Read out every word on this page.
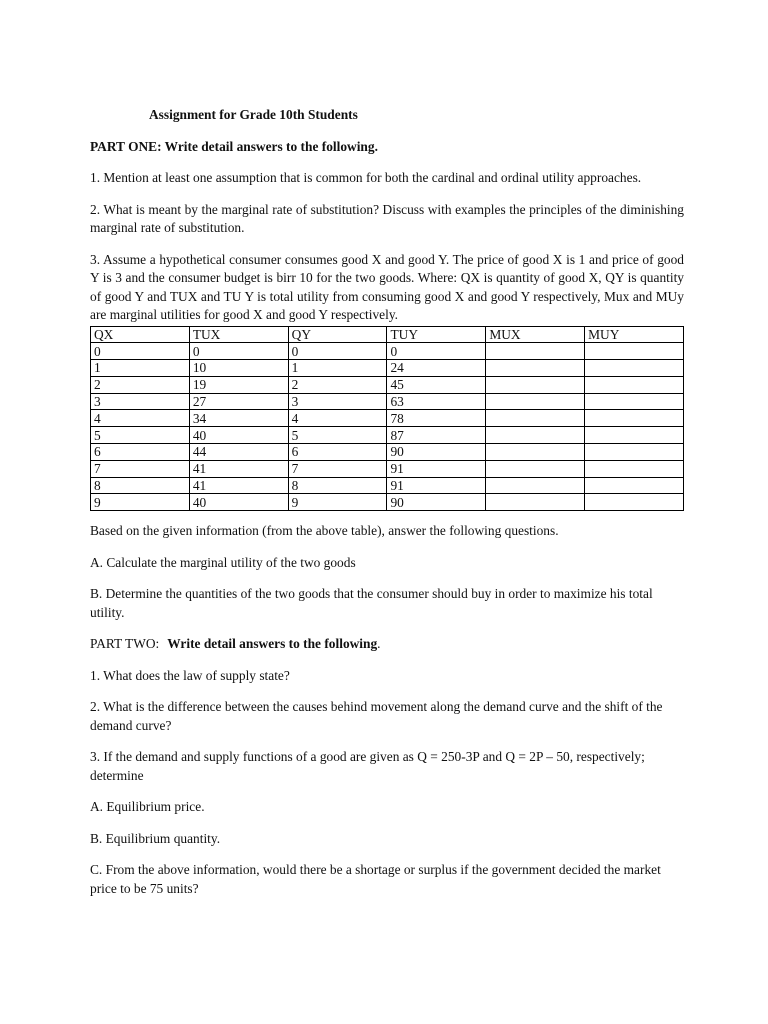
Assignment for Grade 10th Students

PART ONE: Write detail answers to the following.

1. Mention at least one assumption that is common for both the cardinal and ordinal utility approaches.

2. What is meant by the marginal rate of substitution? Discuss with examples the principles of the diminishing marginal rate of substitution.

3. Assume a hypothetical consumer consumes good X and good Y. The price of good X is 1 and price of good Y is 3 and the consumer budget is birr 10 for the two goods. Where: QX is quantity of good X, QY is quantity of good Y and TUX and TU Y is total utility from consuming good X and good Y respectively, Mux and MUy are marginal utilities for good X and good Y respectively.

QX	TUX	QY	TUY	MUX	MUY
0	0	0	0		
1	10	1	24		
2	19	2	45		
3	27	3	63		
4	34	4	78		
5	40	5	87		
6	44	6	90		
7	41	7	91		
8	41	8	91		
9	40	9	90		

Based on the given information (from the above table), answer the following questions.

A. Calculate the marginal utility of the two goods

B. Determine the quantities of the two goods that the consumer should buy in order to maximize his total utility.

PART TWO: Write detail answers to the following.

1. What does the law of supply state?

2. What is the difference between the causes behind movement along the demand curve and the shift of the demand curve?

3. If the demand and supply functions of a good are given as Q = 250-3P and Q = 2P – 50, respectively; determine

A. Equilibrium price.

B. Equilibrium quantity.

C. From the above information, would there be a shortage or surplus if the government decided the market price to be 75 units?
